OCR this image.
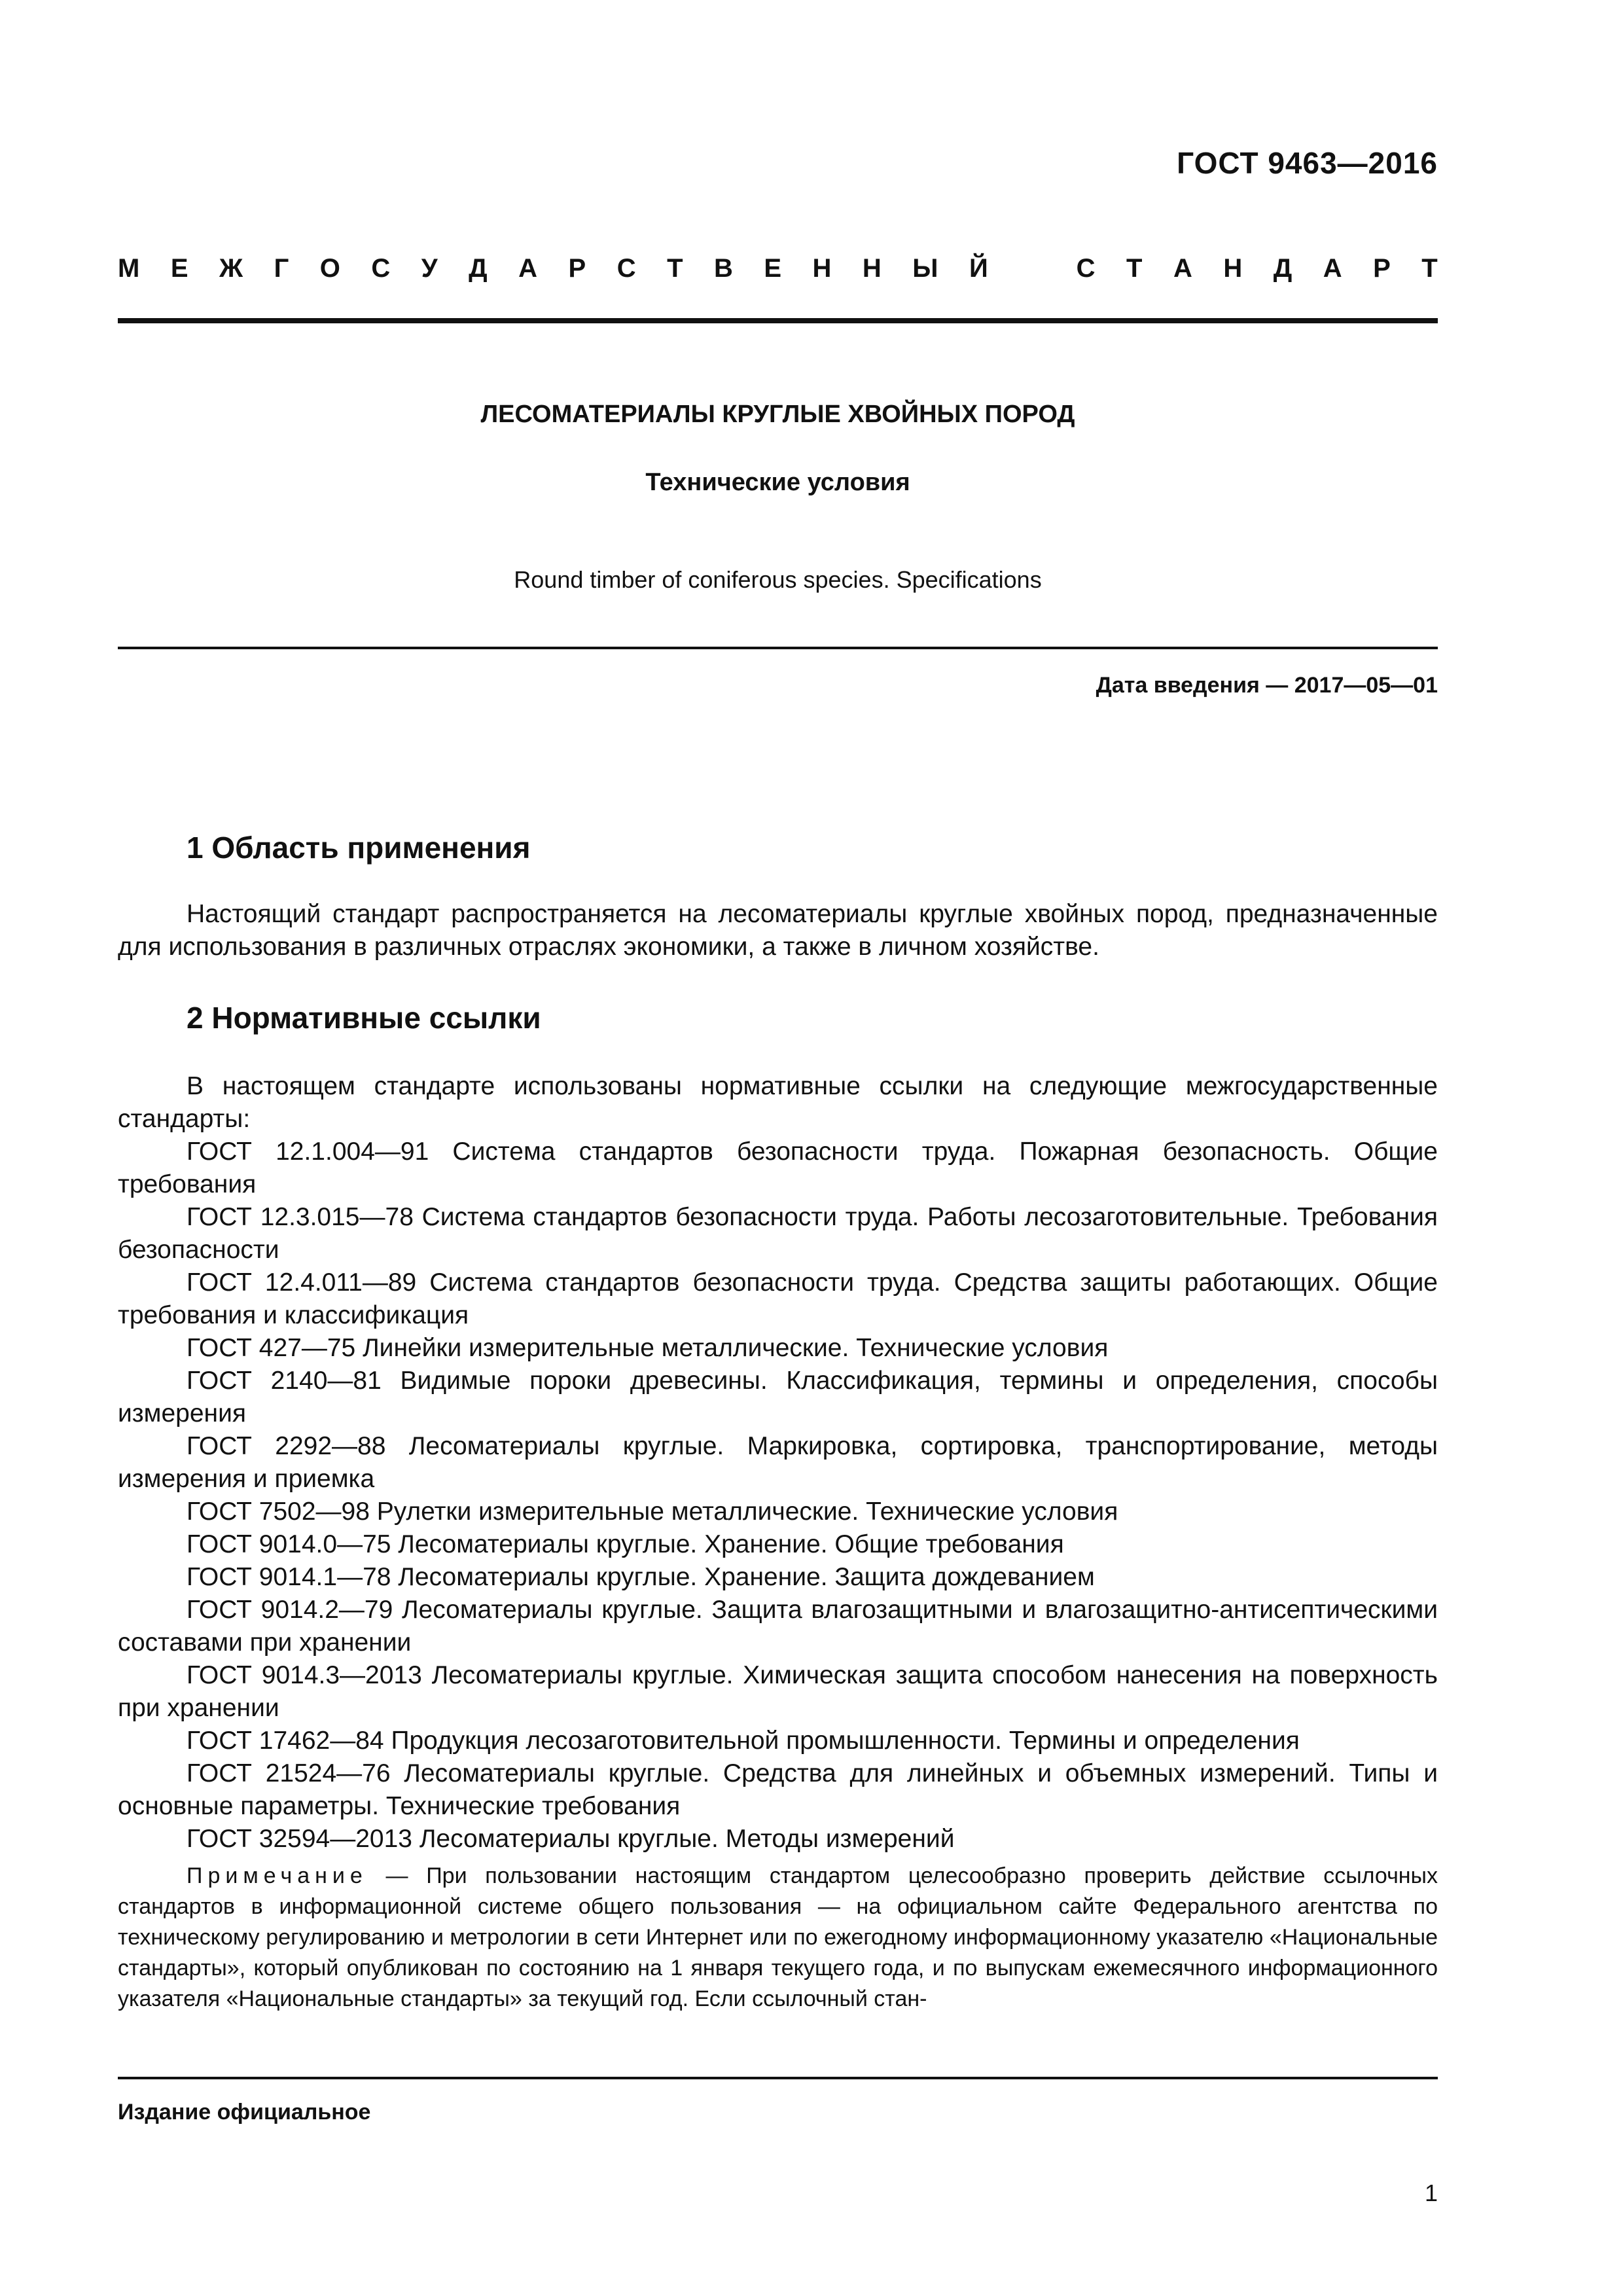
ГОСТ 9463—2016
М Е Ж Г О С У Д А Р С Т В Е Н Н Ы Й	С Т А Н Д А Р Т
ЛЕСОМАТЕРИАЛЫ КРУГЛЫЕ ХВОЙНЫХ ПОРОД
Технические условия
Round timber of coniferous species. Specifications
Дата введения — 2017—05—01
1 Область применения

Настоящий стандарт распространяется на лесоматериалы круглые хвойных пород, предназначенные для использования в различных отраслях экономики, а также в личном хозяйстве.

2 Нормативные ссылки

В настоящем стандарте использованы нормативные ссылки на следующие межгосударственные стандарты:

ГОСТ 12.1.004—91 Система стандартов безопасности труда. Пожарная безопасность. Общие требования

ГОСТ 12.3.015—78 Система стандартов безопасности труда. Работы лесозаготовительные. Требования безопасности

ГОСТ 12.4.011—89 Система стандартов безопасности труда. Средства защиты работающих. Общие требования и классификация

ГОСТ 427—75 Линейки измерительные металлические. Технические условия

ГОСТ 2140—81 Видимые пороки древесины. Классификация, термины и определения, способы измерения

ГОСТ 2292—88 Лесоматериалы круглые. Маркировка, сортировка, транспортирование, методы измерения и приемка

ГОСТ 7502—98 Рулетки измерительные металлические. Технические условия

ГОСТ 9014.0—75 Лесоматериалы круглые. Хранение. Общие требования

ГОСТ 9014.1—78 Лесоматериалы круглые. Хранение. Защита дождеванием

ГОСТ 9014.2—79 Лесоматериалы круглые. Защита влагозащитными и влагозащитно-антисептическими составами при хранении

ГОСТ 9014.3—2013 Лесоматериалы круглые. Химическая защита способом нанесения на поверхность при хранении

ГОСТ 17462—84 Продукция лесозаготовительной промышленности. Термины и определения

ГОСТ 21524—76 Лесоматериалы круглые. Средства для линейных и объемных измерений. Типы и основные параметры. Технические требования

ГОСТ 32594—2013 Лесоматериалы круглые. Методы измерений

Примечание — При пользовании настоящим стандартом целесообразно проверить действие ссылочных стандартов в информационной системе общего пользования — на официальном сайте Федерального агентства по техническому регулированию и метрологии в сети Интернет или по ежегодному информационному указателю «Национальные стандарты», который опубликован по состоянию на 1 января текущего года, и по выпускам ежемесячного информационного указателя «Национальные стандарты» за текущий год. Если ссылочный стан-
Издание официальное
1
